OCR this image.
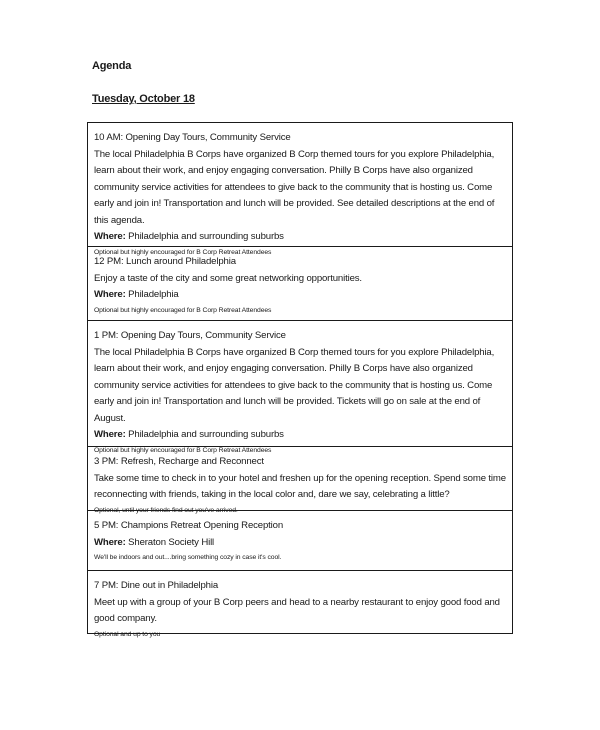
Agenda
Tuesday, October 18
10 AM: Opening Day Tours, Community Service
The local Philadelphia B Corps have organized B Corp themed tours for you explore Philadelphia, learn about their work, and enjoy engaging conversation. Philly B Corps have also organized community service activities for attendees to give back to the community that is hosting us. Come early and join in! Transportation and lunch will be provided. See detailed descriptions at the end of this agenda.
Where: Philadelphia and surrounding suburbs
Optional but highly encouraged for B Corp Retreat Attendees
12 PM: Lunch around Philadelphia
Enjoy a taste of the city and some great networking opportunities.
Where: Philadelphia
Optional but highly encouraged for B Corp Retreat Attendees
1 PM: Opening Day Tours, Community Service
The local Philadelphia B Corps have organized B Corp themed tours for you explore Philadelphia, learn about their work, and enjoy engaging conversation. Philly B Corps have also organized community service activities for attendees to give back to the community that is hosting us. Come early and join in! Transportation and lunch will be provided. Tickets will go on sale at the end of August.
Where: Philadelphia and surrounding suburbs
Optional but highly encouraged for B Corp Retreat Attendees
3 PM: Refresh, Recharge and Reconnect
Take some time to check in to your hotel and freshen up for the opening reception. Spend some time reconnecting with friends, taking in the local color and, dare we say, celebrating a little?
Optional, until your friends find out you've arrived.
5 PM: Champions Retreat Opening Reception
Where: Sheraton Society Hill
We'll be indoors and out....bring something cozy in case it's cool.
7 PM: Dine out in Philadelphia
Meet up with a group of your B Corp peers and head to a nearby restaurant to enjoy good food and good company.
Optional and up to you
